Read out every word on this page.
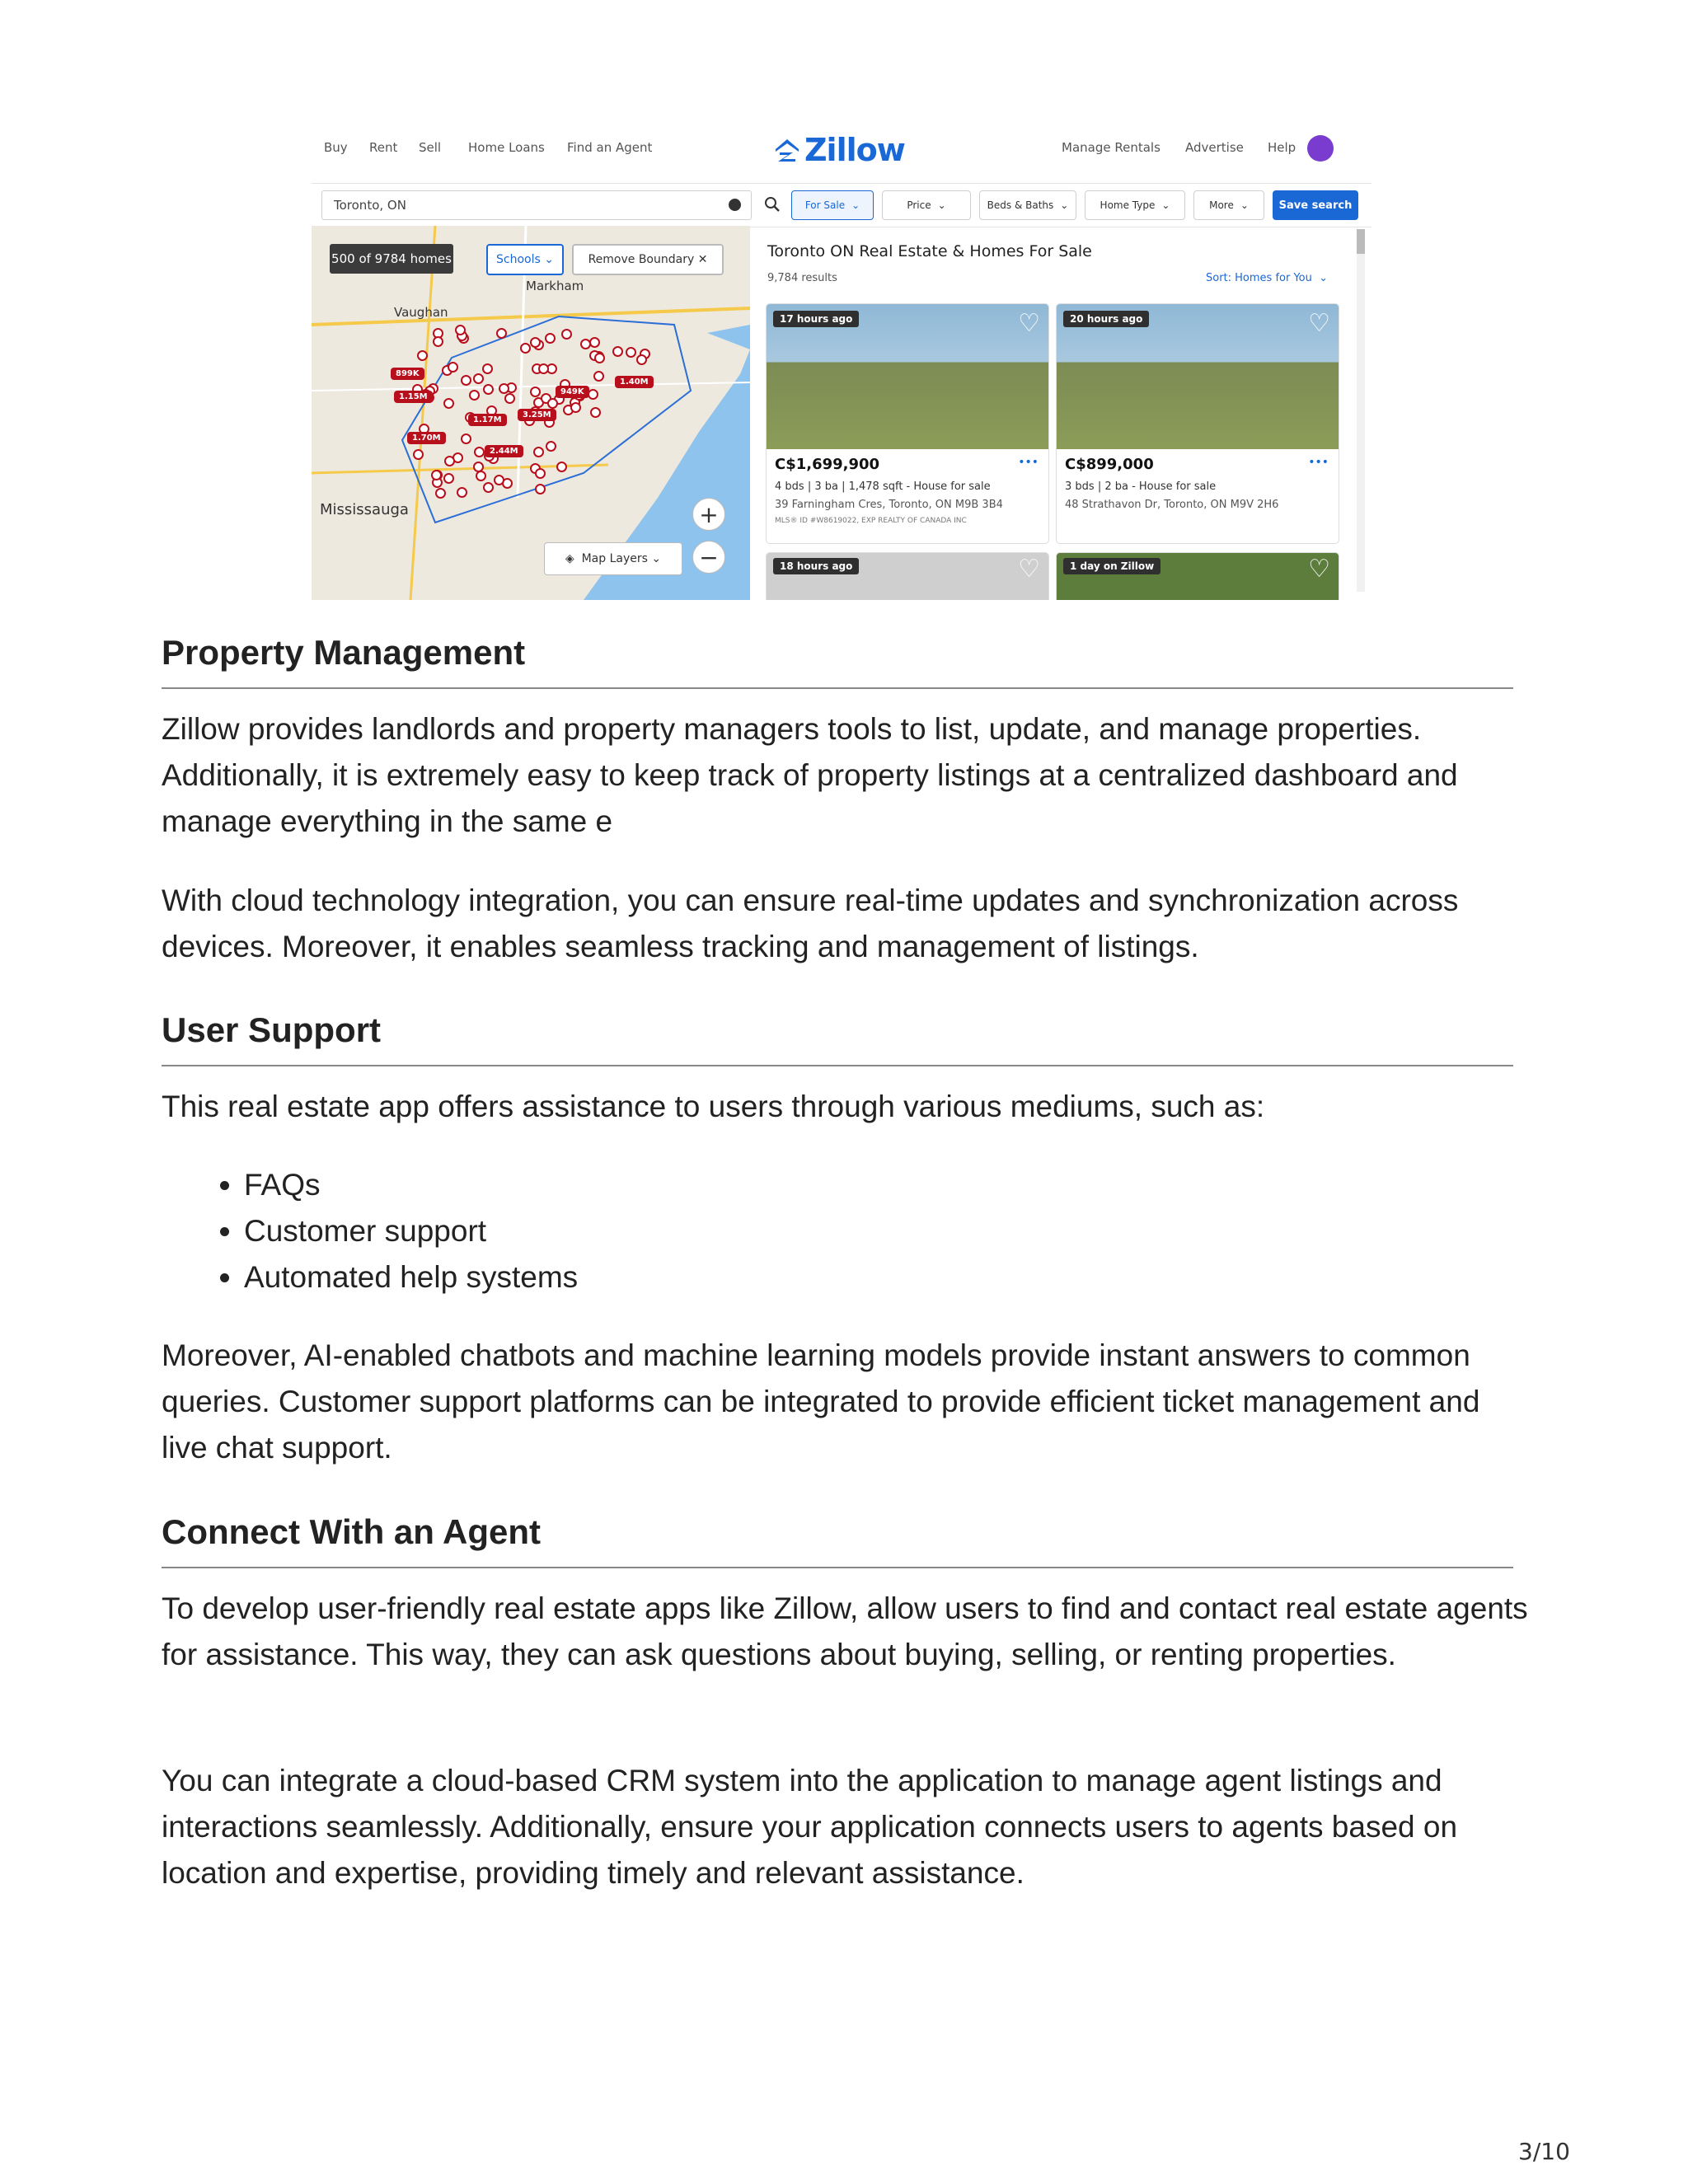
Buy Rent Sell Home Loans Find an Agent	Zillow	Manage Rentals Advertise Help
Toronto, ON	For Sale ⌄	Price ⌄	Beds & Baths ⌄	Home Type ⌄	More ⌄	Save search
500 of 9784 homes	Schools
⌄	Remove Boundary
✕
Markham
Vaughan
Mississauga
899K
1.15M
1.70M
1.17M
3.25M
949K
2.44M
1.40M
+
−
◈
Map Layers
⌄
Toronto ON Real Estate & Homes For Sale
9,784 results	Sort: Homes for You ⌄
17 hours ago	♡
C$1,699,900	•••
4 bds | 3 ba | 1,478 sqft - House for sale
39 Farningham Cres, Toronto, ON M9B 3B4
MLS® ID #W8619022, EXP REALTY OF CANADA INC
20 hours ago	♡
C$899,000	•••
3 bds | 2 ba - House for sale
48 Strathavon Dr, Toronto, ON M9V 2H6
18 hours ago	♡	1 day on Zillow	♡
Property Management

Zillow provides landlords and property managers tools to list, update, and manage properties. Additionally, it is extremely easy to keep track of property listings at a centralized dashboard and manage everything in the same e

With cloud technology integration, you can ensure real-time updates and synchronization across devices. Moreover, it enables seamless tracking and management of listings.

User Support

This real estate app offers assistance to users through various mediums, such as:

• FAQs
• Customer support
• Automated help systems

Moreover, AI-enabled chatbots and machine learning models provide instant answers to common queries. Customer support platforms can be integrated to provide efficient ticket management and live chat support.

Connect With an Agent

To develop user-friendly real estate apps like Zillow, allow users to find and contact real estate agents for assistance. This way, they can ask questions about buying, selling, or renting properties.

You can integrate a cloud-based CRM system into the application to manage agent listings and interactions seamlessly. Additionally, ensure your application connects users to agents based on location and expertise, providing timely and relevant assistance.

3/10
